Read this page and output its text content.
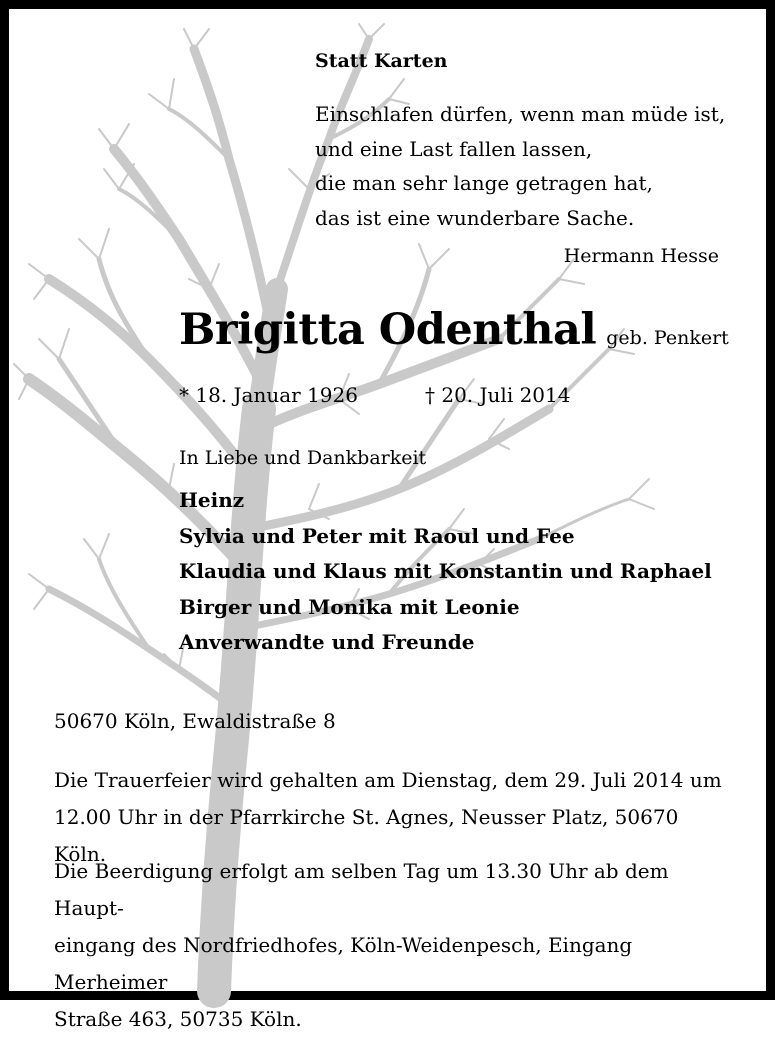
Statt Karten
Einschlafen dürfen, wenn man müde ist,
und eine Last fallen lassen,
die man sehr lange getragen hat,
das ist eine wunderbare Sache.
Hermann Hesse
Brigitta Odenthal geb. Penkert
* 18. Januar 1926	† 20. Juli 2014
In Liebe und Dankbarkeit
Heinz
Sylvia und Peter mit Raoul und Fee
Klaudia und Klaus mit Konstantin und Raphael
Birger und Monika mit Leonie
Anverwandte und Freunde
50670 Köln, Ewaldistraße 8
Die Trauerfeier wird gehalten am Dienstag, dem 29. Juli 2014 um
12.00 Uhr in der Pfarrkirche St. Agnes, Neusser Platz, 50670 Köln.
Die Beerdigung erfolgt am selben Tag um 13.30 Uhr ab dem Haupt-
eingang des Nordfriedhofes, Köln-Weidenpesch, Eingang Merheimer
Straße 463, 50735 Köln.
